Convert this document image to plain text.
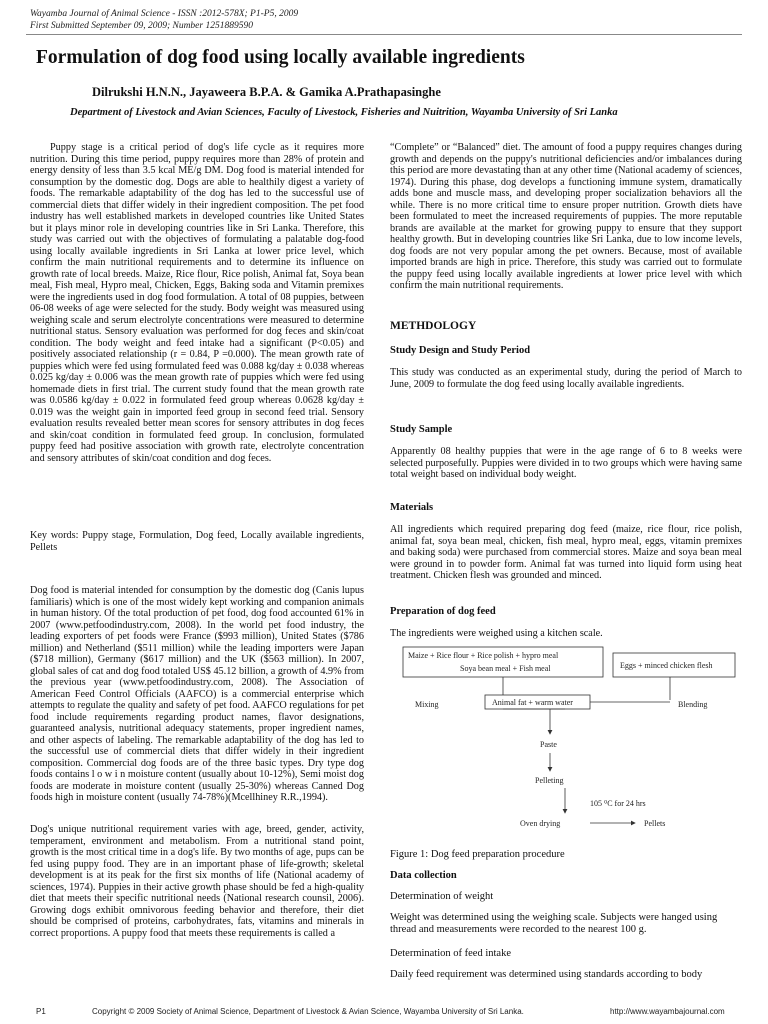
Wayamba Journal of Animal Science - ISSN :2012-578X; P1-P5, 2009
First Submitted September 09, 2009; Number 1251889590
Formulation of dog food using locally available ingredients
Dilrukshi H.N.N., Jayaweera B.P.A. & Gamika A.Prathapasinghe
Department of Livestock and Avian Sciences, Faculty of Livestock, Fisheries and Nuitrition, Wayamba University of Sri Lanka

Puppy stage is a critical period of dog's life cycle as it requires more nutrition. During this time period, puppy requires more than 28% of protein and energy density of less than 3.5 kcal ME/g DM. Dog food is material intended for consumption by the domestic dog. Dogs are able to healthily digest a variety of foods. The remarkable adaptability of the dog has led to the successful use of commercial diets that differ widely in their ingredient composition. The pet food industry has well established markets in developed countries like United States but it plays minor role in developing countries like in Sri Lanka. Therefore, this study was carried out with the objectives of formulating a palatable dog-food using locally available ingredients in Sri Lanka at lower price level, which confirm the main nutritional requirements and to determine its influence on growth rate of local breeds. Maize, Rice flour, Rice polish, Animal fat, Soya bean meal, Fish meal, Hypro meal, Chicken, Eggs, Baking soda and Vitamin premixes were the ingredients used in dog food formulation. A total of 08 puppies, between 06-08 weeks of age were selected for the study. Body weight was measured using weighing scale and serum electrolyte concentrations were measured to determine nutritional status. Sensory evaluation was performed for dog feces and skin/coat condition. The body weight and feed intake had a significant (P<0.05) and positively associated relationship (r = 0.84, P =0.000). The mean growth rate of puppies which were fed using formulated feed was 0.088 kg/day ± 0.038 whereas 0.025 kg/day ± 0.006 was the mean growth rate of puppies which were fed using homemade diets in first trial. The current study found that the mean growth rate was 0.0586 kg/day ± 0.022 in formulated feed group whereas 0.0628 kg/day ± 0.019 was the weight gain in imported feed group in second feed trial. Sensory evaluation results revealed better mean scores for sensory attributes in dog feces and skin/coat condition in formulated feed group. In conclusion, formulated puppy feed had positive association with growth rate, electrolyte concentration and sensory attributes of skin/coat condition and dog feces.

Key words: Puppy stage, Formulation, Dog feed, Locally available ingredients, Pellets

Dog food is material intended for consumption by the domestic dog (Canis lupus familiaris) which is one of the most widely kept working and companion animals in human history. Of the total production of pet food, dog food accounted 61% in 2007 (www.petfoodindustry.com, 2008). In the world pet food industry, the leading exporters of pet foods were France ($993 million), United States ($786 million) and Netherland ($511 million) while the leading importers were Japan ($718 million), Germany ($617 million) and the UK ($563 million). In 2007, global sales of cat and dog food totaled US$ 45.12 billion, a growth of 4.9% from the previous year (www.petfoodindustry.com, 2008). The Association of American Feed Control Officials (AAFCO) is a commercial enterprise which attempts to regulate the quality and safety of pet food. AAFCO regulations for pet food include requirements regarding product names, flavor designations, guaranteed analysis, nutritional adequacy statements, proper ingredient names, and other aspects of labeling. The remarkable adaptability of the dog has led to the successful use of commercial diets that differ widely in their ingredient composition. Commercial dog foods are of the three basic types. Dry type dog foods contains l o w i n moisture content (usually about 10-12%), Semi moist dog foods are moderate in moisture content (usually 25-30%) whereas Canned Dog foods high in moisture content (usually 74-78%)(Mcellhiney R.R.,1994).

Dog's unique nutritional requirement varies with age, breed, gender, activity, temperament, environment and metabolism. From a nutritional stand point, growth is the most critical time in a dog's life. By two months of age, pups can be fed using puppy food. They are in an important phase of life-growth; skeletal development is at its peak for the first six months of life (National academy of sciences, 1974). Puppies in their active growth phase should be fed a high-quality diet that meets their specific nutritional needs (National research counsil, 2006). Growing dogs exhibit omnivorous feeding behavior and therefore, their diet should be comprised of proteins, carbohydrates, fats, vitamins and minerals in correct proportions. A puppy food that meets these requirements is called a

“Complete” or “Balanced” diet. The amount of food a puppy requires changes during growth and depends on the puppy's nutritional deficiencies and/or imbalances during this period are more devastating than at any other time (National academy of sciences, 1974). During this phase, dog develops a functioning immune system, dramatically adds bone and muscle mass, and developing proper socialization behaviors all the while. There is no more critical time to ensure proper nutrition. Growth diets have been formulated to meet the increased requirements of puppies. The more reputable brands are available at the market for growing puppy to ensure that they support healthy growth. But in developing countries like Sri Lanka, due to low income levels, dog foods are not very popular among the pet owners. Because, most of available imported brands are high in price. Therefore, this study was carried out to formulate the puppy feed using locally available ingredients at lower price level with which confirm the main nutritional requirements.

METHDOLOGY
Study Design and Study Period
This study was conducted as an experimental study, during the period of March to June, 2009 to formulate the dog feed using locally available ingredients.
Study Sample
Apparently 08 healthy puppies that were in the age range of 6 to 8 weeks were selected purposefully. Puppies were divided in to two groups which were having same total weight based on individual body weight.
Materials
All ingredients which required preparing dog feed (maize, rice flour, rice polish, animal fat, soya bean meal, chicken, fish meal, hypro meal, eggs, vitamin premixes and baking soda) were purchased from commercial stores. Maize and soya bean meal were ground in to powder form. Animal fat was turned into liquid form using heat treatment. Chicken flesh was grounded and minced.
Preparation of dog feed
The ingredients were weighed using a kitchen scale.
Maize + Rice flour + Rice polish + hypro meal
Soya bean meal + Fish meal	Eggs + minced chicken flesh
Animal fat + warm water
Mixing	Blending
Paste
Pelleting
105 ⁰C for 24 hrs
Oven drying	Pellets
Figure 1: Dog feed preparation procedure
Data collection
Determination of weight
Weight was determined using the weighing scale. Subjects were hanged using thread and measurements were recorded to the nearest 100 g.
Determination of feed intake
Daily feed requirement was determined using standards according to body
P1	Copyright © 2009 Society of Animal Science, Department of Livestock & Avian Science, Wayamba University of Sri Lanka.	http://www.wayambajournal.com
